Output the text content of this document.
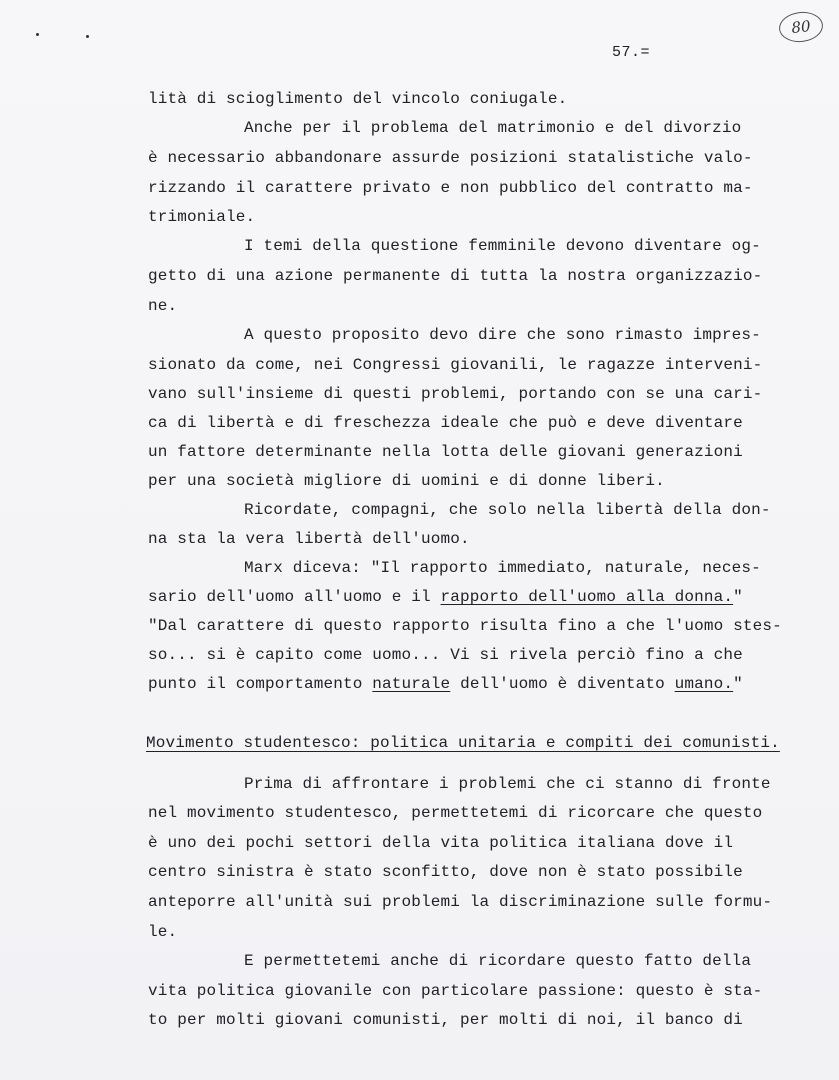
80
57.=
lità di scioglimento del vincolo coniugale.
Anche per il problema del matrimonio e del divorzio
è necessario abbandonare assurde posizioni statalistiche valo-
rizzando il carattere privato e non pubblico del contratto ma-
trimoniale.
I temi della questione femminile devono diventare og-
getto di una azione permanente di tutta la nostra organizzazio-
ne.
A questo proposito devo dire che sono rimasto impres-
sionato da come, nei Congressi giovanili, le ragazze interveni-
vano sull'insieme di questi problemi, portando con se una cari-
ca di libertà e di freschezza ideale che può e deve diventare
un fattore determinante nella lotta delle giovani generazioni
per una società migliore di uomini e di donne liberi.
Ricordate, compagni, che solo nella libertà della don-
na sta la vera libertà dell'uomo.
Marx diceva: "Il rapporto immediato, naturale, neces-
sario dell'uomo all'uomo e il rapporto dell'uomo alla donna."
"Dal carattere di questo rapporto risulta fino a che l'uomo stes-
so... si è capito come uomo... Vi si rivela perciò fino a che
punto il comportamento naturale dell'uomo è diventato umano."
Movimento studentesco: politica unitaria e compiti dei comunisti.
Prima di affrontare i problemi che ci stanno di fronte
nel movimento studentesco, permettetemi di ricorcare che questo
è uno dei pochi settori della vita politica italiana dove il
centro sinistra è stato sconfitto, dove non è stato possibile
anteporre all'unità sui problemi la discriminazione sulle formu-
le.
E permettetemi anche di ricordare questo fatto della
vita politica giovanile con particolare passione: questo è sta-
to per molti giovani comunisti, per molti di noi, il banco di
